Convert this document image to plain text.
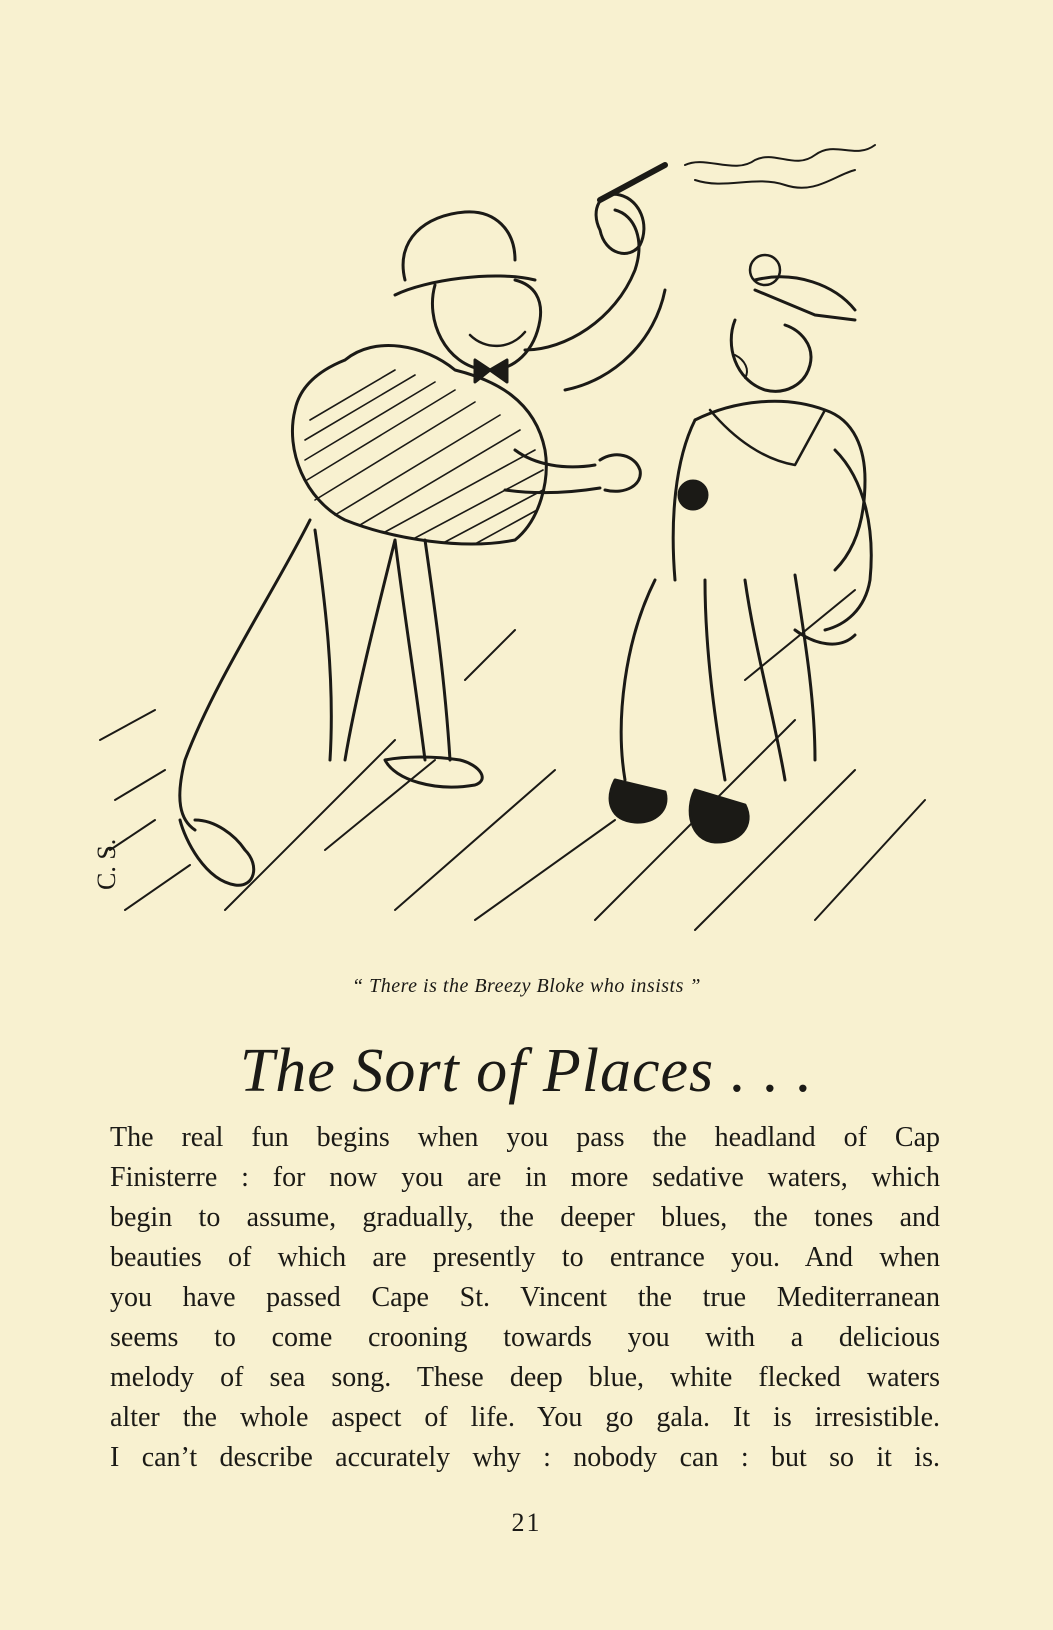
C. S.
“ There is the Breezy Bloke who insists ”
The Sort of Places . . .
The real fun begins when you pass the headland of Cap
Finisterre : for now you are in more sedative waters, which
begin to assume, gradually, the deeper blues, the tones and
beauties of which are presently to entrance you. And when
you have passed Cape St. Vincent the true Mediterranean
seems to come crooning towards you with a delicious
melody of sea song. These deep blue, white flecked waters
alter the whole aspect of life. You go gala. It is irresistible.
I can’t describe accurately why : nobody can : but so it is.
21
